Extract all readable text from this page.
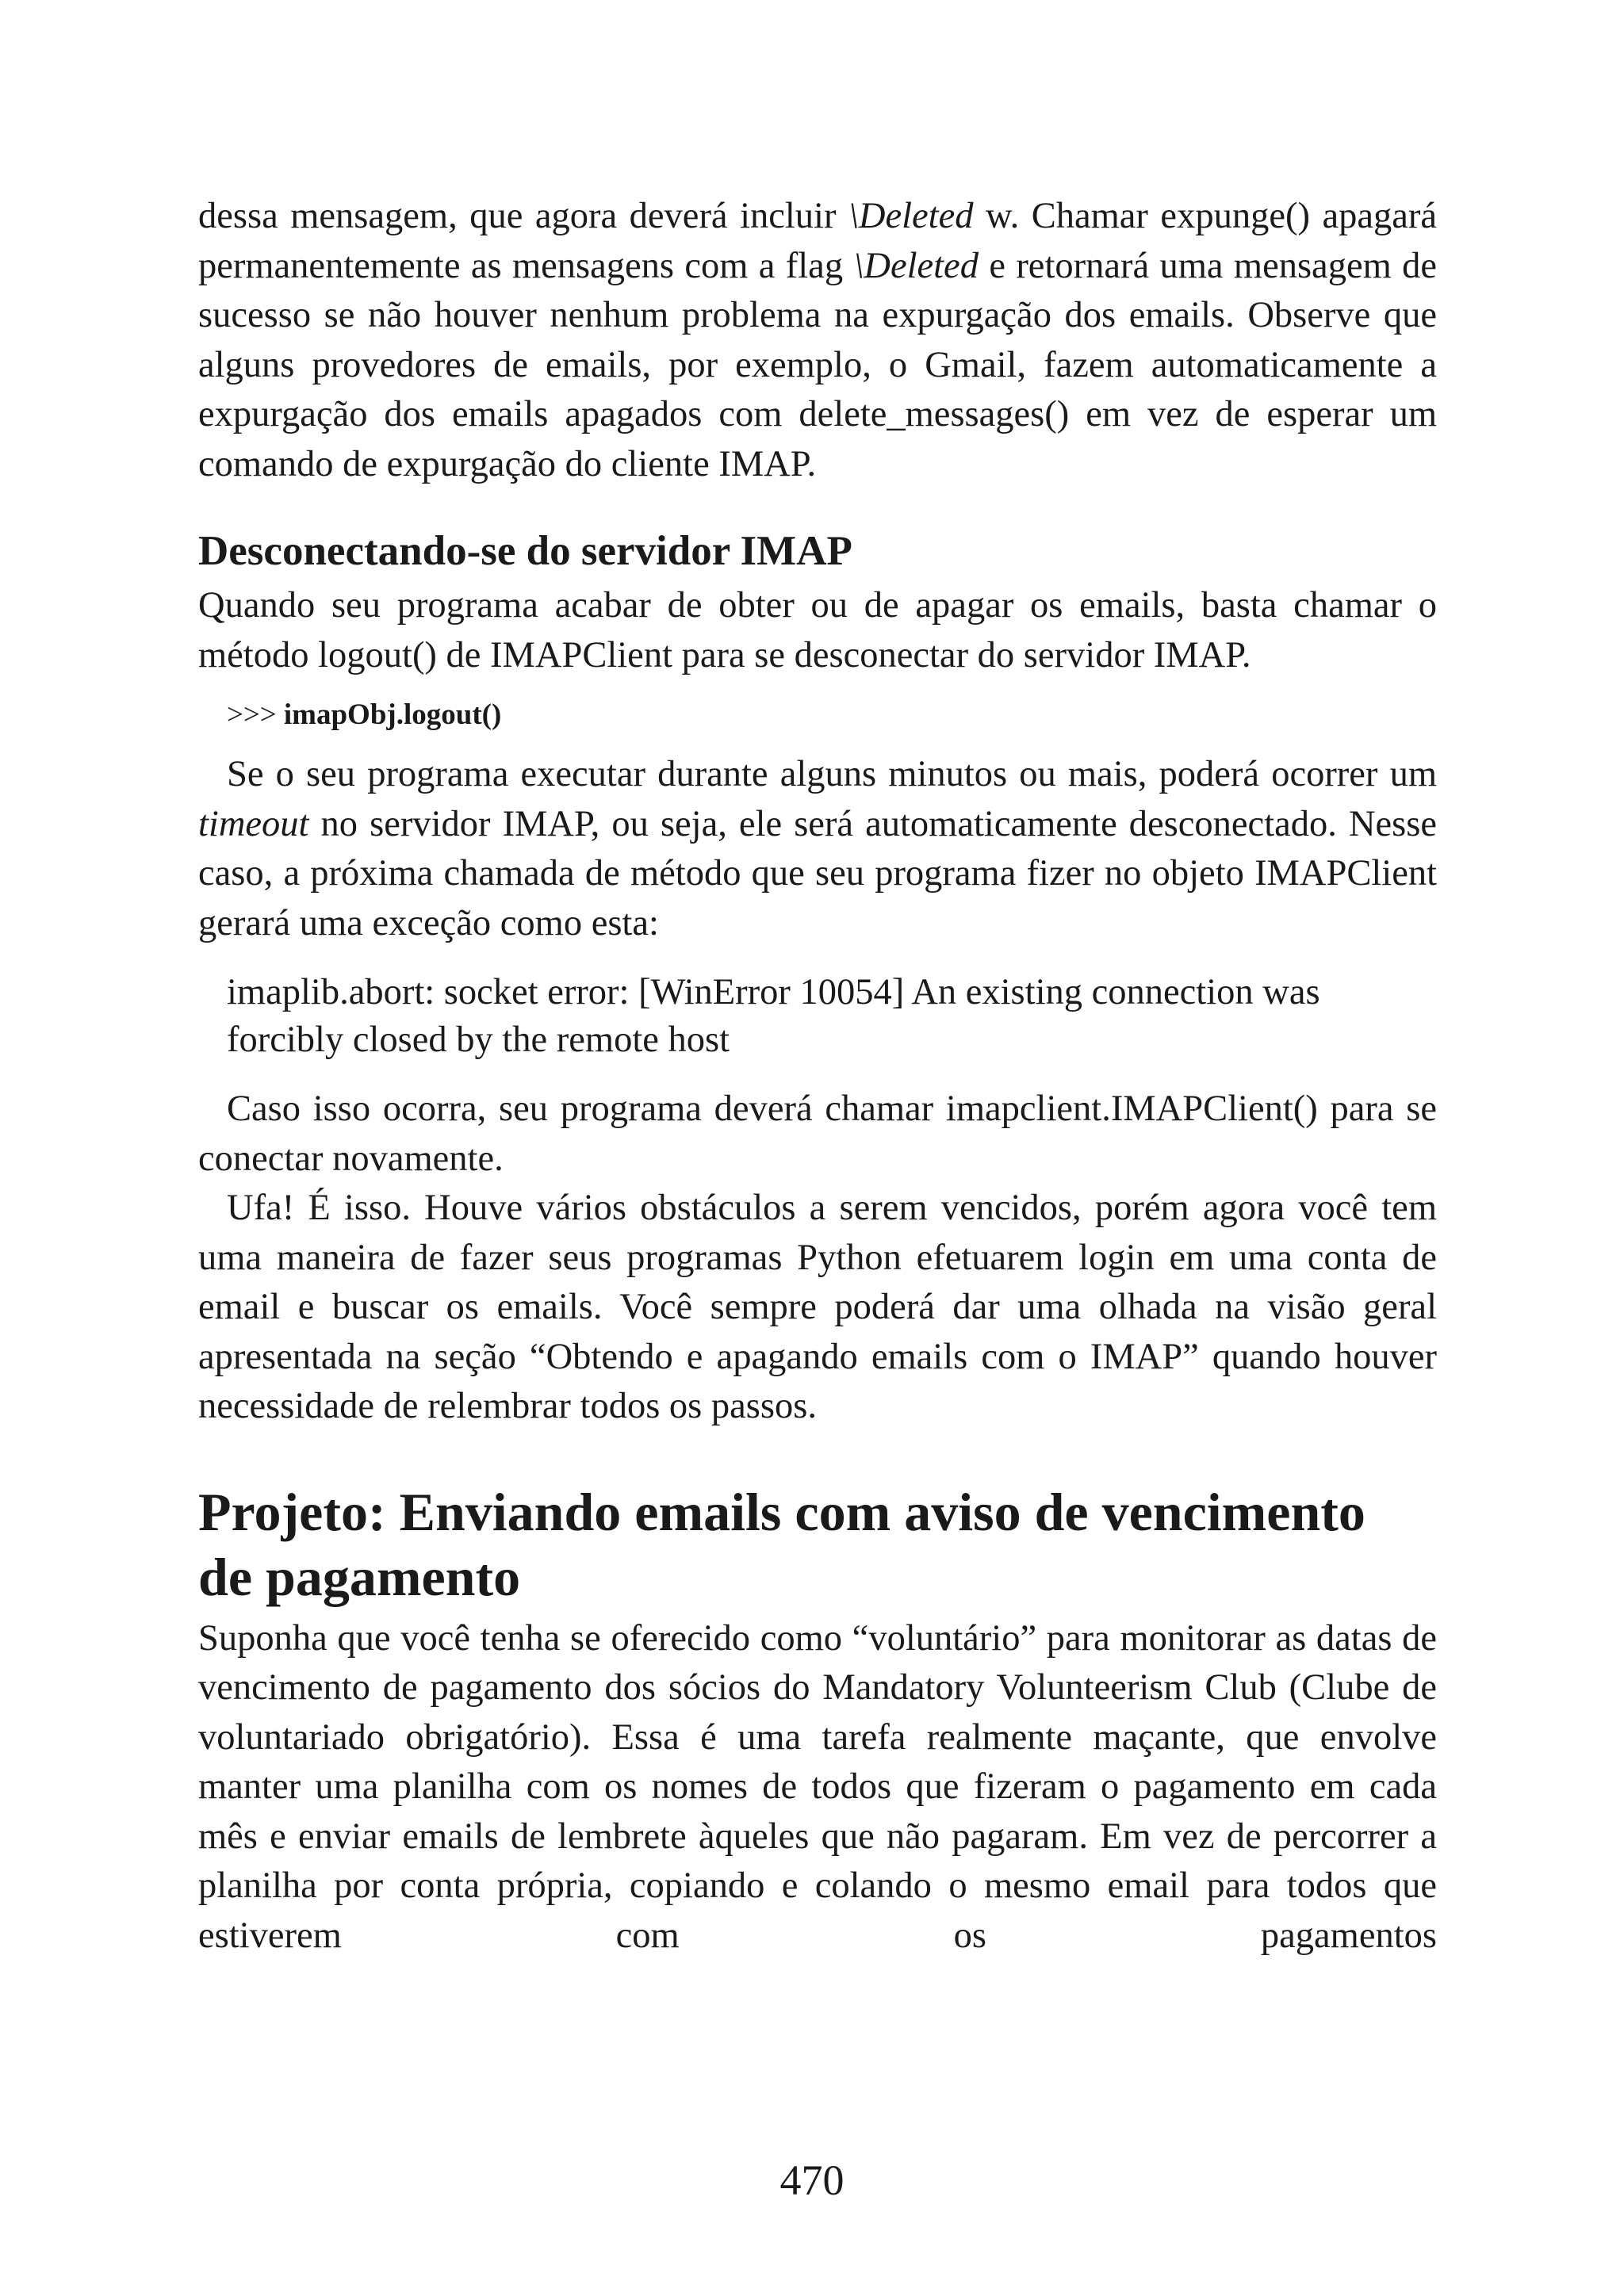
dessa mensagem, que agora deverá incluir \Deleted w. Chamar expunge() apagará permanentemente as mensagens com a flag \Deleted e retornará uma mensagem de sucesso se não houver nenhum problema na expurgação dos emails. Observe que alguns provedores de emails, por exemplo, o Gmail, fazem automaticamente a expurgação dos emails apagados com delete_messages() em vez de esperar um comando de expurgação do cliente IMAP.

Desconectando-se do servidor IMAP

Quando seu programa acabar de obter ou de apagar os emails, basta chamar o método logout() de IMAPClient para se desconectar do servidor IMAP.

>>> imapObj.logout()

Se o seu programa executar durante alguns minutos ou mais, poderá ocorrer um timeout no servidor IMAP, ou seja, ele será automaticamente desconectado. Nesse caso, a próxima chamada de método que seu programa fizer no objeto IMAPClient gerará uma exceção como esta:

imaplib.abort: socket error: [WinError 10054] An existing connection was
forcibly closed by the remote host

Caso isso ocorra, seu programa deverá chamar imapclient.IMAPClient() para se conectar novamente.

Ufa! É isso. Houve vários obstáculos a serem vencidos, porém agora você tem uma maneira de fazer seus programas Python efetuarem login em uma conta de email e buscar os emails. Você sempre poderá dar uma olhada na visão geral apresentada na seção “Obtendo e apagando emails com o IMAP” quando houver necessidade de relembrar todos os passos.

Projeto: Enviando emails com aviso de vencimento
de pagamento

Suponha que você tenha se oferecido como “voluntário” para monitorar as datas de vencimento de pagamento dos sócios do Mandatory Volunteerism Club (Clube de voluntariado obrigatório). Essa é uma tarefa realmente maçante, que envolve manter uma planilha com os nomes de todos que fizeram o pagamento em cada mês e enviar emails de lembrete àqueles que não pagaram. Em vez de percorrer a planilha por conta própria, copiando e colando o mesmo email para todos que estiverem com os pagamentos

470
